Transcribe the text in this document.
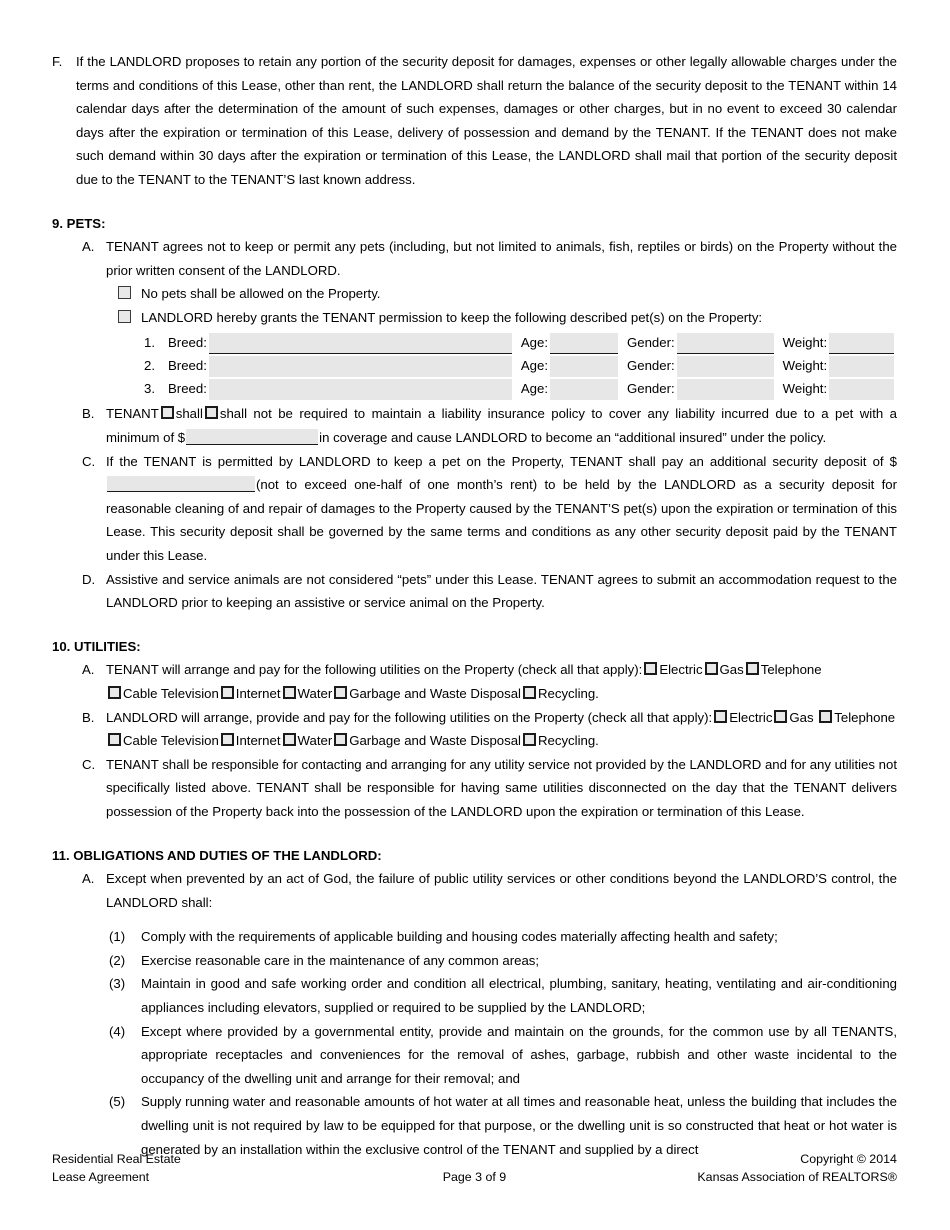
F.	If the LANDLORD proposes to retain any portion of the security deposit for damages, expenses or other legally allowable charges under the terms and conditions of this Lease, other than rent, the LANDLORD shall return the balance of the security deposit to the TENANT within 14 calendar days after the determination of the amount of such expenses, damages or other charges, but in no event to exceed 30 calendar days after the expiration or termination of this Lease, delivery of possession and demand by the TENANT. If the TENANT does not make such demand within 30 days after the expiration or termination of this Lease, the LANDLORD shall mail that portion of the security deposit due to the TENANT to the TENANT’S last known address.
9. PETS:
A. TENANT agrees not to keep or permit any pets (including, but not limited to animals, fish, reptiles or birds) on the Property without the prior written consent of the LANDLORD.
No pets shall be allowed on the Property.
LANDLORD hereby grants the TENANT permission to keep the following described pet(s) on the Property:
1. Breed:	Age:	Gender:	Weight:
2. Breed:	Age:	Gender:	Weight:
3. Breed:	Age:	Gender:	Weight:
B. TENANT shall shall not be required to maintain a liability insurance policy to cover any liability incurred due to a pet with a minimum of $	in coverage and cause LANDLORD to become an “additional insured” under the policy.
C. If the TENANT is permitted by LANDLORD to keep a pet on the Property, TENANT shall pay an additional security deposit of $(not to exceed one-half of one month’s rent) to be held by the LANDLORD as a security deposit for reasonable cleaning of and repair of damages to the Property caused by the TENANT’S pet(s) upon the expiration or termination of this Lease. This security deposit shall be governed by the same terms and conditions as any other security deposit paid by the TENANT under this Lease.
D. Assistive and service animals are not considered “pets” under this Lease. TENANT agrees to submit an accommodation request to the LANDLORD prior to keeping an assistive or service animal on the Property.
10. UTILITIES:
A. TENANT will arrange and pay for the following utilities on the Property (check all that apply): Electric Gas Telephone Cable Television Internet Water Garbage and Waste Disposal Recycling.
B. LANDLORD will arrange, provide and pay for the following utilities on the Property (check all that apply): Electric Gas TelephoneCable Television Internet Water Garbage and Waste Disposal Recycling.
C. TENANT shall be responsible for contacting and arranging for any utility service not provided by the LANDLORD and for any utilities not specifically listed above. TENANT shall be responsible for having same utilities disconnected on the day that the TENANT delivers possession of the Property back into the possession of the LANDLORD upon the expiration or termination of this Lease.
11. OBLIGATIONS AND DUTIES OF THE LANDLORD:
A. Except when prevented by an act of God, the failure of public utility services or other conditions beyond the LANDLORD’S control, the LANDLORD shall:
(1)	Comply with the requirements of applicable building and housing codes materially affecting health and safety;
(2)	Exercise reasonable care in the maintenance of any common areas;
(3)	Maintain in good and safe working order and condition all electrical, plumbing, sanitary, heating, ventilating and air-conditioning appliances including elevators, supplied or required to be supplied by the LANDLORD;
(4)	Except where provided by a governmental entity, provide and maintain on the grounds, for the common use by all TENANTS, appropriate receptacles and conveniences for the removal of ashes, garbage, rubbish and other waste incidental to the occupancy of the dwelling unit and arrange for their removal; and
(5)	Supply running water and reasonable amounts of hot water at all times and reasonable heat, unless the building that includes the dwelling unit is not required by law to be equipped for that purpose, or the dwelling unit is so constructed that heat or hot water is generated by an installation within the exclusive control of the TENANT and supplied by a direct
Residential Real Estate	Copyright © 2014
Lease Agreement	Page 3 of 9	Kansas Association of REALTORS®
